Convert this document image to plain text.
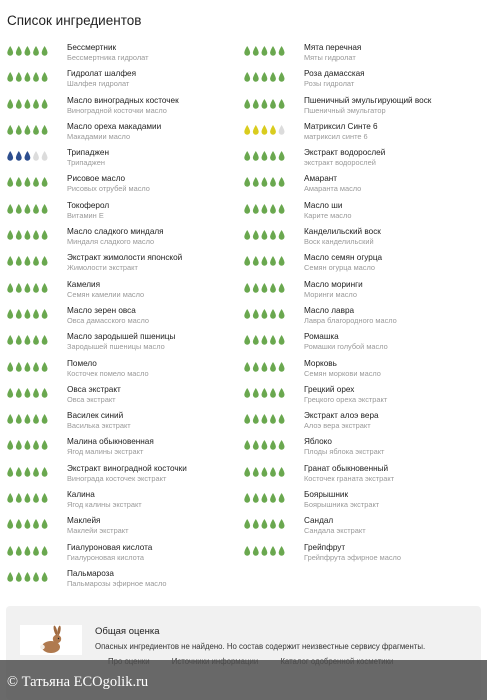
Список ингредиентов
Бессмертник
Бессмертника гидролат
Гидролат шалфея
Шалфея гидролат
Масло виноградных косточек
Виноградной косточки масло
Масло ореха макадамии
Макадамии масло
Трипаджен
Трипаджен
Рисовое масло
Рисовых отрубей масло
Токоферол
Витамин Е
Масло сладкого миндаля
Миндаля сладкого масло
Экстракт жимолости японской
Жимолости экстракт
Камелия
Семян камелии масло
Масло зерен овса
Овса дамасского масло
Масло зародышей пшеницы
Зародышей пшеницы масло
Помело
Косточек помело масло
Овса экстракт
Овса экстракт
Василек синий
Василька экстракт
Малина обыкновенная
Ягод малины экстракт
Экстракт виноградной косточки
Винограда косточек экстракт
Калина
Ягод калины экстракт
Маклейя
Маклейи экстракт
Гиалуроновая кислота
Гиалуроновая кислота
Пальмароза
Пальмарозы эфирное масло
Мята перечная
Мяты гидролат
Роза дамасская
Розы гидролат
Пшеничный эмульгирующий воск
Пшеничный эмульгатор
Матриксил Синте 6
матриксил синте 6
Экстракт водорослей
экстракт водорослей
Амарант
Амаранта масло
Масло ши
Карите масло
Канделильский воск
Воск канделильский
Масло семян огурца
Семян огурца масло
Масло моринги
Моринги масло
Масло лавра
Лавра благородного масло
Ромашка
Ромашки голубой масло
Морковь
Семян моркови масло
Грецкий орех
Грецкого ореха экстракт
Экстракт алоэ вера
Алоэ вера экстракт
Яблоко
Плоды яблока экстракт
Гранат обыкновенный
Косточек граната экстракт
Боярышник
Боярышника экстракт
Сандал
Сандала экстракт
Грейпфрут
Грейпфрута эфирное масло
Общая оценка
Опасных ингредиентов не найдено. Но состав содержит неизвестные сервису фрагменты.
© Татьяна ECOgolik.ru
